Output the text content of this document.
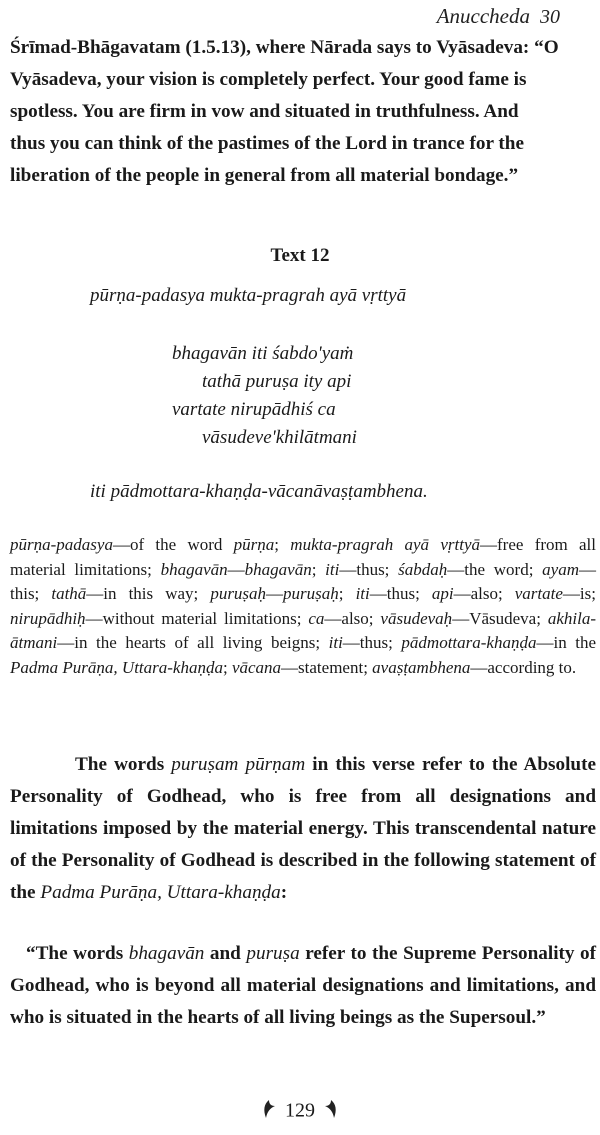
Anuccheda 30
Śrīmad-Bhāgavatam (1.5.13), where Nārada says to Vyāsadeva: “O
Vyāsadeva, your vision is completely perfect. Your good fame is
spotless. You are firm in vow and situated in truthfulness. And
thus you can think of the pastimes of the Lord in trance for the
liberation of the people in general from all material bondage.”
Text 12
pūrṇa-padasya mukta-pragrah ayā vṛttyā
bhagavān iti śabdo'yaṁ
tathā puruṣa ity api
vartate nirupādhiś ca
vāsudeve'khilātmani
iti pādmottara-khaṇḍa-vācanāvaṣṭambhena.
pūrṇa-padasya—of the word pūrṇa; mukta-pragrah ayā vṛttyā—free from all material limitations; bhagavān—bhagavān; iti—thus; śabdaḥ—the word; ayam—this; tathā—in this way; puruṣaḥ—puruṣaḥ; iti—thus; api—also; vartate—is; nirupādhiḥ—without material limitations; ca—also; vāsudevaḥ—Vāsudeva; akhila-ātmani—in the hearts of all living beigns; iti—thus; pādmottara-khaṇḍa—in the Padma Purāṇa, Uttara-khaṇḍa; vācana—statement; avaṣṭambhena—according to.
The words puruṣam pūrṇam in this verse refer to the Absolute Personality of Godhead, who is free from all designations and limitations imposed by the material energy. This transcendental nature of the Personality of Godhead is described in the following statement of the Padma Purāṇa, Uttara-khaṇḍa:
“The words bhagavān and puruṣa refer to the Supreme Personality of Godhead, who is beyond all material designations and limitations, and who is situated in the hearts of all living beings as the Supersoul.”
129
